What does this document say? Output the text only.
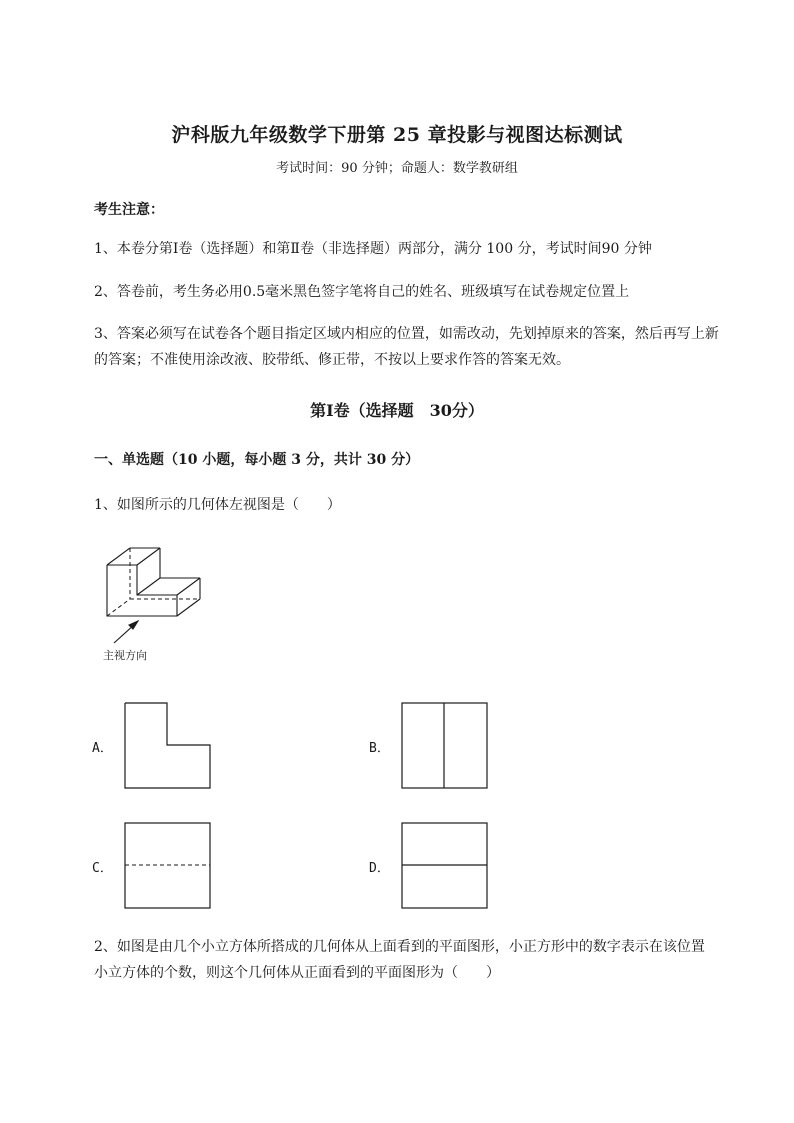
沪科版九年级数学下册第 25 章投影与视图达标测试
考试时间：90 分钟；命题人：数学教研组
考生注意：
1、本卷分第Ⅰ卷（选择题）和第Ⅱ卷（非选择题）两部分，满分 100 分，考试时间90 分钟
2、答卷前，考生务必用0.5毫米黑色签字笔将自己的姓名、班级填写在试卷规定位置上
3、答案必须写在试卷各个题目指定区域内相应的位置，如需改动，先划掉原来的答案，然后再写上新
的答案；不准使用涂改液、胶带纸、修正带，不按以上要求作答的答案无效。
第Ⅰ卷（选择题　30分）
一、单选题（10 小题，每小题 3 分，共计 30 分）
1、如图所示的几何体左视图是（　　）
主视方向
A．	B．
C．	D．
2、如图是由几个小立方体所搭成的几何体从上面看到的平面图形，小正方形中的数字表示在该位置
小立方体的个数，则这个几何体从正面看到的平面图形为（　　）
